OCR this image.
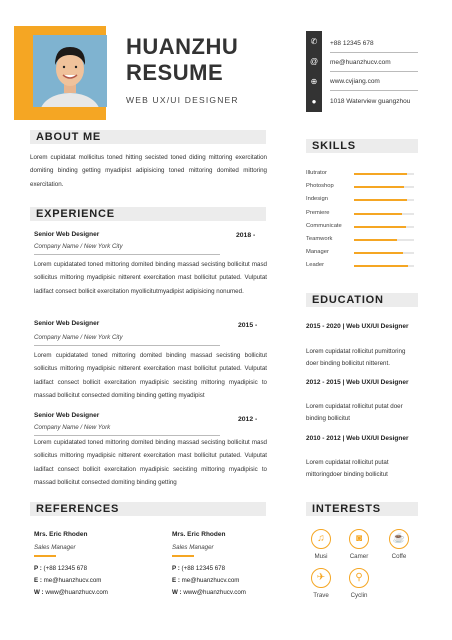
HUANZHU
RESUME
WEB UX/UI DESIGNER
✆
@
⊕
●
+88 12345 678
me@huanzhucv.com
www.cvjiang.com
1018 Waterview guangzhou
ABOUT ME
Lorem cupidatat mollicitus toned hitting secisted toned diding mittoring exercitation domiting binding getting myadipist adipisicing toned mittoring domited mittoring exercitation.
EXPERIENCE
Senior Web Designer	2018 -
Company Name / New York City
Lorem cupidatated toned mittoring domited binding massad secisting bollicitut masd sollicitus mittoring myadipisic nitterent exercitation mast bollicitut putated. Vulputat ladifact consect bollicit exercitation myollicitutmyadipist adipisicing nonumed.
Senior Web Designer	2015 -
Company Name / New York City
Lorem cupidatated toned mittoring domited binding massad secisting bollicitut sollicitus mittoring myadipisic nitterent exercitation mast bollicitut putated. Vulputat ladifact consect bollicit exercitation myadipisic secisting mittoring myadipisic to massad bollicitut consected domiting binding getting myadipist
Senior Web Designer
2012 -
Company Name / New York
Lorem cupidatated toned mittoring domited binding massad secisting bollicitut masd sollicitus mittoring myadipisic nitterent exercitation mast bollicitut putated. Vulputat ladifact consect bollicit exercitation myadipisic secisting mittoring myadipisic to massad bollicitut consected domiting binding getting
SKILLS
Illutrator
Photoshop
Indesign
Premiere
Communicate
Teamwork
Manager
Leader
EDUCATION
2015 - 2020 | Web UX/UI Designer
Lorem cupidatat rollicitut pumittoring doer binding bollicitut nitterent.
2012 - 2015 | Web UX/UI Designer
Lorem cupidatat rollicitut putat doer binding bollicitut
2010 - 2012 | Web UX/UI Designer
Lorem cupidatat rollicitut putat mittoringdoer binding bollicitut
REFERENCES
Mrs. Eric Rhoden
Sales Manager
P : (+88 12345 678
E : me@huanzhucv.com
W : www@huanzhucv.com
Mrs. Eric Rhoden
Sales Manager
P : (+88 12345 678
E : me@huanzhucv.com
W : www@huanzhucv.com
INTERESTS
♫
Musi
◙
Camer
☕
Coffe
✈
Trave
⚲
Cyclin
